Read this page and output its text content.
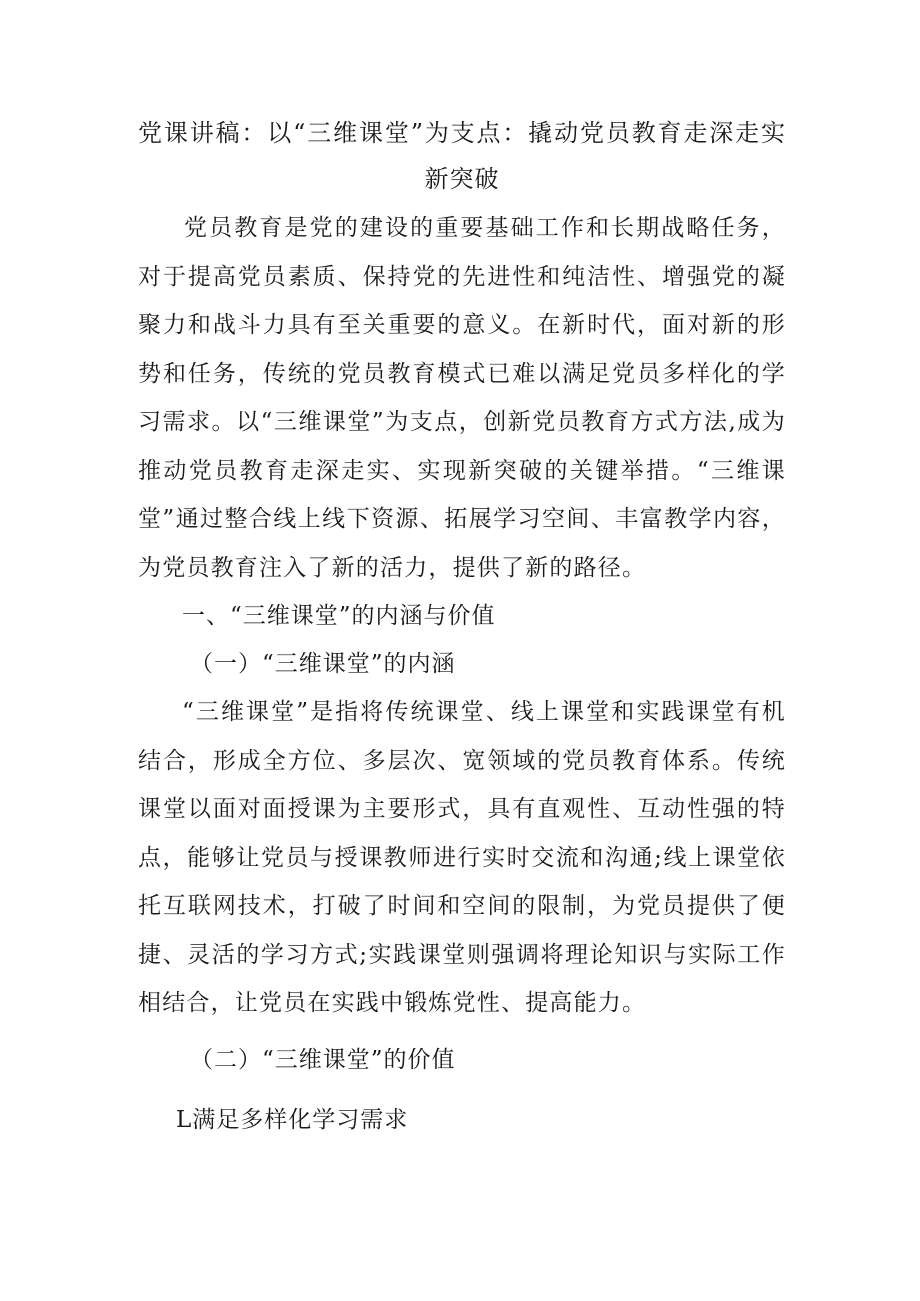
党课讲稿：以“三维课堂”为支点：撬动党员教育走深走实新突破

党员教育是党的建设的重要基础工作和长期战略任务，对于提高党员素质、保持党的先进性和纯洁性、增强党的凝聚力和战斗力具有至关重要的意义。在新时代，面对新的形势和任务，传统的党员教育模式已难以满足党员多样化的学习需求。以“三维课堂”为支点，创新党员教育方式方法,成为推动党员教育走深走实、实现新突破的关键举措。“三维课堂”通过整合线上线下资源、拓展学习空间、丰富教学内容，为党员教育注入了新的活力，提供了新的路径。

一、“三维课堂”的内涵与价值

（一）“三维课堂”的内涵

“三维课堂”是指将传统课堂、线上课堂和实践课堂有机结合，形成全方位、多层次、宽领域的党员教育体系。传统课堂以面对面授课为主要形式，具有直观性、互动性强的特点，能够让党员与授课教师进行实时交流和沟通;线上课堂依托互联网技术，打破了时间和空间的限制，为党员提供了便捷、灵活的学习方式;实践课堂则强调将理论知识与实际工作相结合，让党员在实践中锻炼党性、提高能力。

（二）“三维课堂”的价值

L满足多样化学习需求
